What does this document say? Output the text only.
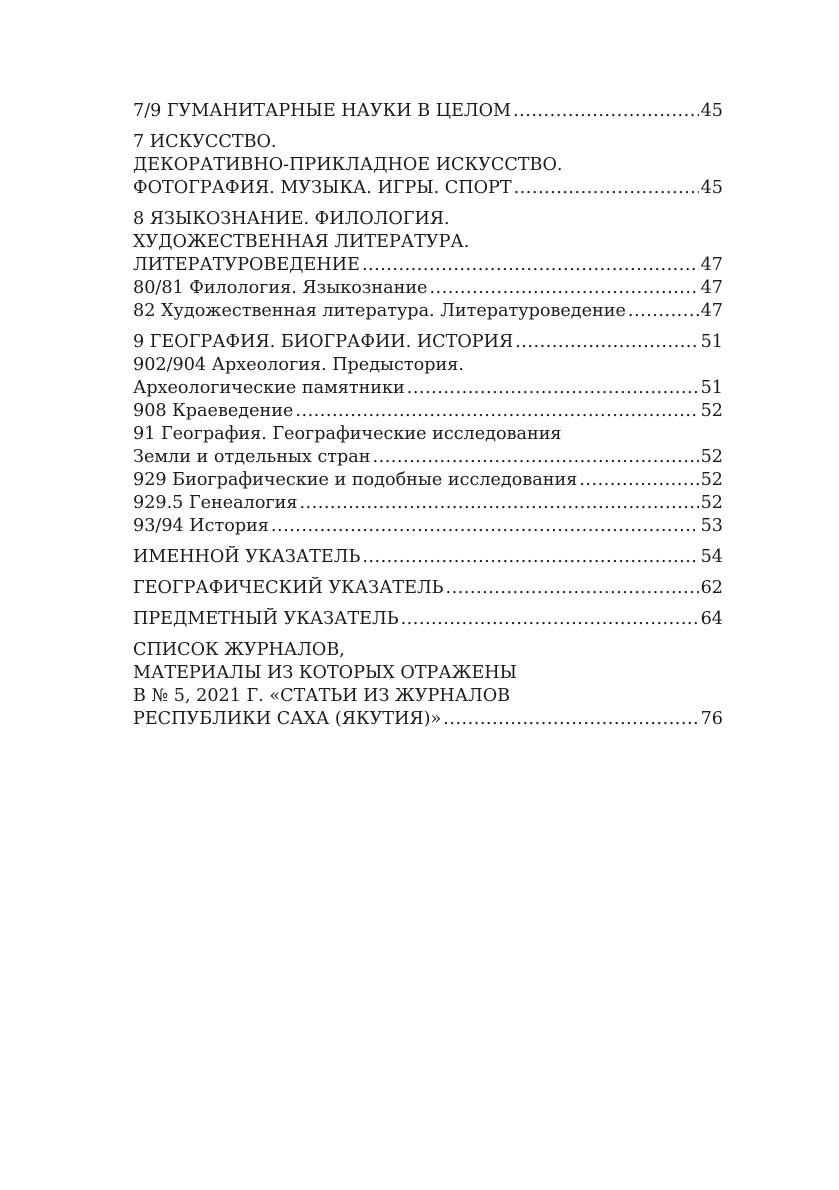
7/9 ГУМАНИТАРНЫЕ НАУКИ В ЦЕЛОМ .....	45
7 ИСКУССТВО.
ДЕКОРАТИВНО-ПРИКЛАДНОЕ ИСКУССТВО.
ФОТОГРАФИЯ. МУЗЫКА. ИГРЫ. СПОРТ .....	45
8 ЯЗЫКОЗНАНИЕ. ФИЛОЛОГИЯ.
ХУДОЖЕСТВЕННАЯ ЛИТЕРАТУРА.
ЛИТЕРАТУРОВЕДЕНИЕ .....	47
80/81 Филология. Языкознание .....	47
82 Художественная литература. Литературоведение .....	47
9 ГЕОГРАФИЯ. БИОГРАФИИ. ИСТОРИЯ .....	51
902/904 Археология. Предыстория.
Археологические памятники .....	51
908 Краеведение .....	52
91 География. Географические исследования
Земли и отдельных стран .....	52
929 Биографические и подобные исследования .....	52
929.5 Генеалогия .....	52
93/94 История .....	53
ИМЕННОЙ УКАЗАТЕЛЬ .....	54
ГЕОГРАФИЧЕСКИЙ УКАЗАТЕЛЬ .....	62
ПРЕДМЕТНЫЙ УКАЗАТЕЛЬ .....	64
СПИСОК ЖУРНАЛОВ,
МАТЕРИАЛЫ ИЗ КОТОРЫХ ОТРАЖЕНЫ
В № 5, 2021 Г. «СТАТЬИ ИЗ ЖУРНАЛОВ
РЕСПУБЛИКИ САХА (ЯКУТИЯ)» .....	76
